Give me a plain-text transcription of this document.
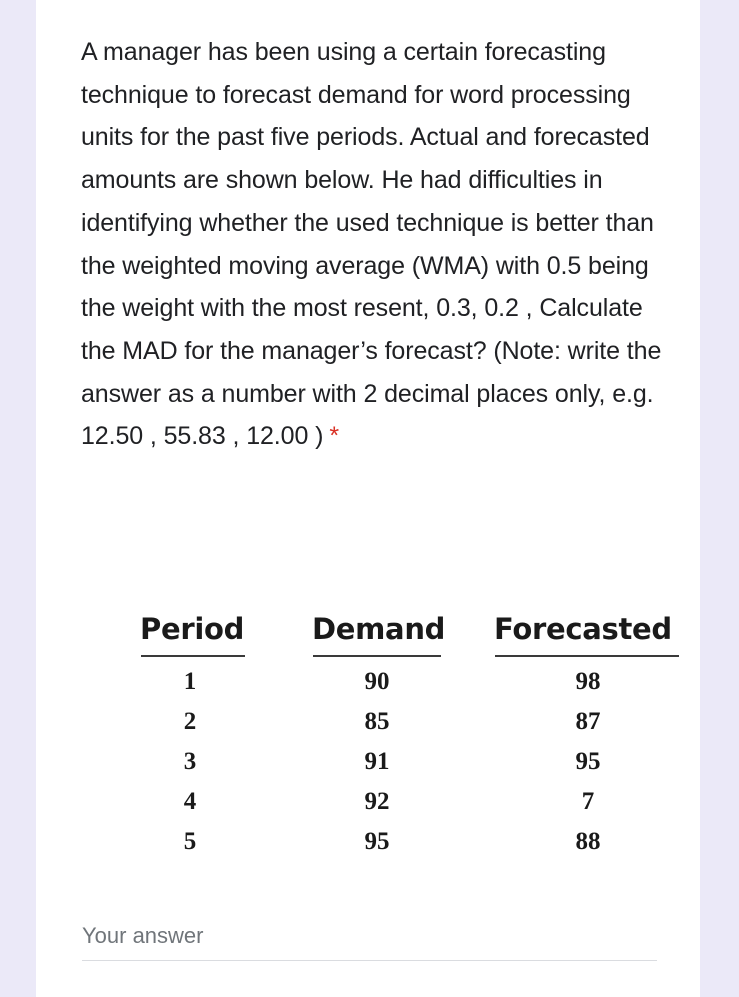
A manager has been using a certain forecasting technique to forecast demand for word processing units for the past five periods. Actual and forecasted amounts are shown below. He had difficulties in identifying whether the used technique is better than the weighted moving average (WMA) with 0.5 being the weight with the most resent, 0.3, 0.2 , Calculate the MAD for the manager’s forecast? (Note: write the answer as a number with 2 decimal places only, e.g. 12.50 , 55.83 , 12.00 ) *

Period Demand Forecasted
1
2
3
4
5
90
85
91
92
95
98
87
95
7
88
Your answer
